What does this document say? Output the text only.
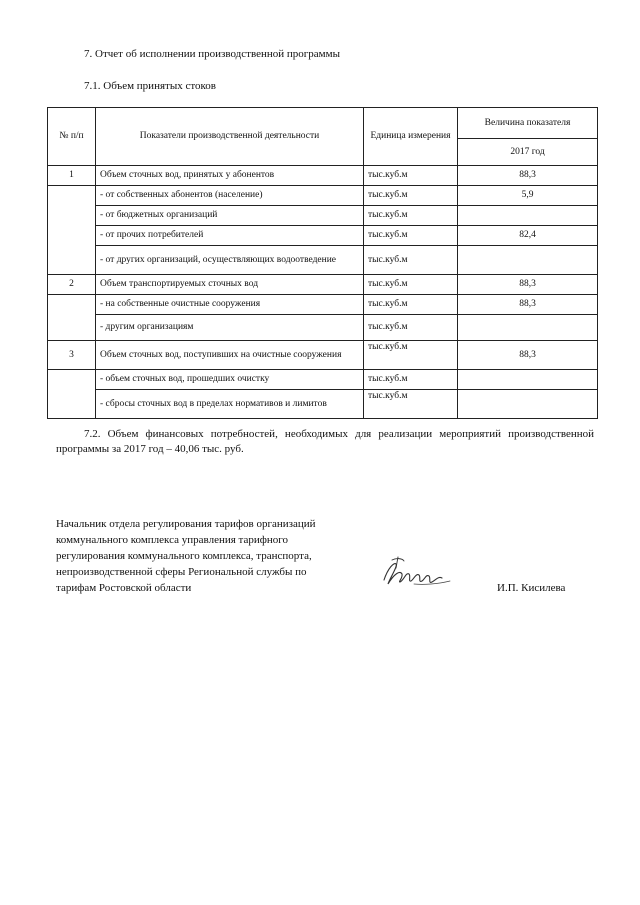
7. Отчет об исполнении производственной программы
7.1. Объем принятых стоков
№ п/п	Показатели производственной деятельности	Единица измерения	Величина показателя
			2017 год
1	Объем сточных вод, принятых у абонентов	тыс.куб.м	88,3
	- от собственных абонентов (население)	тыс.куб.м	5,9
	- от бюджетных организаций	тыс.куб.м	
	- от прочих потребителей	тыс.куб.м	82,4
	- от других организаций, осуществляющих водоотведение	тыс.куб.м	
2	Объем транспортируемых сточных вод	тыс.куб.м	88,3
	- на собственные очистные сооружения	тыс.куб.м	88,3
	- другим организациям	тыс.куб.м	
3	Объем сточных вод, поступивших на очистные сооружения	тыс.куб.м	88,3
	- объем сточных вод, прошедших очистку	тыс.куб.м	
	- сбросы сточных вод в пределах нормативов и лимитов	тыс.куб.м	
7.2. Объем финансовых потребностей, необходимых для реализации мероприятий производственной программы за 2017 год – 40,06 тыс. руб.
Начальник отдела регулирования тарифов организаций
коммунального комплекса управления тарифного
регулирования коммунального комплекса, транспорта,
непроизводственной сферы Региональной службы по
тарифам Ростовской области	И.П. Кисилева
